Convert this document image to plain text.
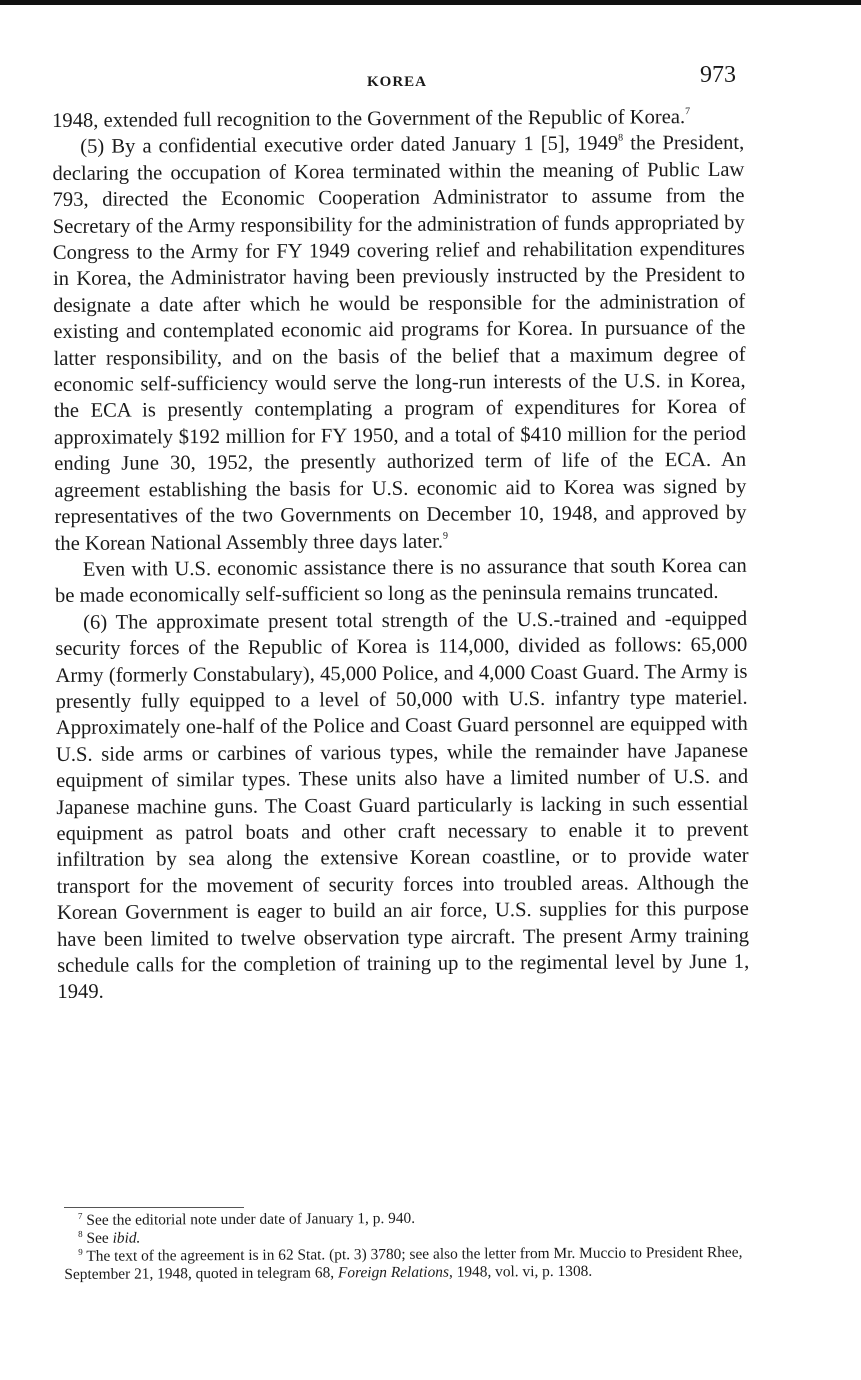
KOREA	973

1948, extended full recognition to the Government of the Republic of Korea.$^7$

(5) By a confidential executive order dated January 1 [5], 1949$^8$ the President, declaring the occupation of Korea terminated within the meaning of Public Law 793, directed the Economic Cooperation Administrator to assume from the Secretary of the Army responsibility for the administration of funds appropriated by Congress to the Army for FY 1949 covering relief and rehabilitation expenditures in Korea, the Administrator having been previously instructed by the President to designate a date after which he would be responsible for the administration of existing and contemplated economic aid programs for Korea. In pursuance of the latter responsibility, and on the basis of the belief that a maximum degree of economic self-sufficiency would serve the long-run interests of the U.S. in Korea, the ECA is presently contemplating a program of expenditures for Korea of approximately $192 million for FY 1950, and a total of $410 million for the period ending June 30, 1952, the presently authorized term of life of the ECA. An agreement establishing the basis for U.S. economic aid to Korea was signed by representatives of the two Governments on December 10, 1948, and approved by the Korean National Assembly three days later.$^9$

Even with U.S. economic assistance there is no assurance that south Korea can be made economically self-sufficient so long as the peninsula remains truncated.

(6) The approximate present total strength of the U.S.-trained and -equipped security forces of the Republic of Korea is 114,000, divided as follows: 65,000 Army (formerly Constabulary), 45,000 Police, and 4,000 Coast Guard. The Army is presently fully equipped to a level of 50,000 with U.S. infantry type materiel. Approximately one-half of the Police and Coast Guard personnel are equipped with U.S. side arms or carbines of various types, while the remainder have Japanese equipment of similar types. These units also have a limited number of U.S. and Japanese machine guns. The Coast Guard particularly is lacking in such essential equipment as patrol boats and other craft necessary to enable it to prevent infiltration by sea along the extensive Korean coastline, or to provide water transport for the movement of security forces into troubled areas. Although the Korean Government is eager to build an air force, U.S. supplies for this purpose have been limited to twelve observation type aircraft. The present Army training schedule calls for the completion of training up to the regimental level by June 1, 1949.

$^7$ See the editorial note under date of January 1, p. 940.

$^8$ See ibid.

$^9$ The text of the agreement is in 62 Stat. (pt. 3) 3780; see also the letter from Mr. Muccio to President Rhee, September 21, 1948, quoted in telegram 68, Foreign Relations, 1948, vol. vi, p. 1308.
